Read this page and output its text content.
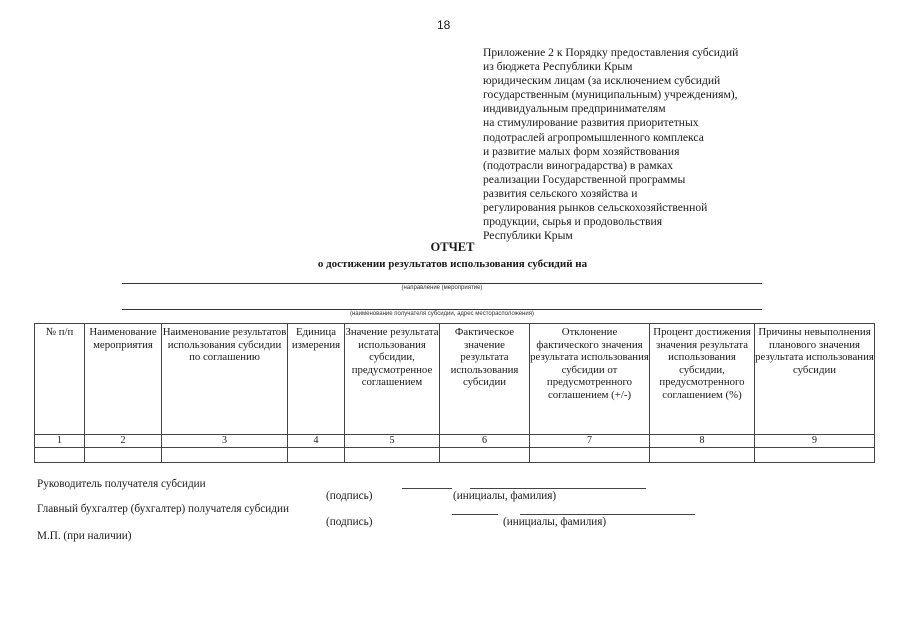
18
Приложение 2 к Порядку предоставления субсидий
из бюджета Республики Крым
юридическим лицам (за исключением субсидий
государственным (муниципальным) учреждениям),
индивидуальным предпринимателям
на стимулирование развития приоритетных
подотраслей агропромышленного комплекса
и развитие малых форм хозяйствования
(подотрасли виноградарства) в рамках
реализации Государственной программы
развития сельского хозяйства и
регулирования рынков сельскохозяйственной
продукции, сырья и продовольствия
Республики Крым
ОТЧЕТ
о достижении результатов использования субсидий на
(направление (мероприятие)
(наименование получателя субсидии, адрес месторасположения)
№ п/п	Наименование мероприятия	Наименование результатов использования субсидии по соглашению	Единица измерения	Значение результата использования субсидии, предусмотренное соглашением	Фактическое значение результата использования субсидии	Отклонение фактического значения результата использования субсидии от предусмотренного соглашением (+/-)	Процент достижения значения результата использования субсидии, предусмотренного соглашением (%)	Причины невыполнения планового значения результата использования субсидии
1	2	3	4	5	6	7	8	9

Руководитель получателя субсидии
(подпись)	(инициалы, фамилия)
Главный бухгалтер (бухгалтер) получателя субсидии
(подпись)	(инициалы, фамилия)
М.П. (при наличии)
